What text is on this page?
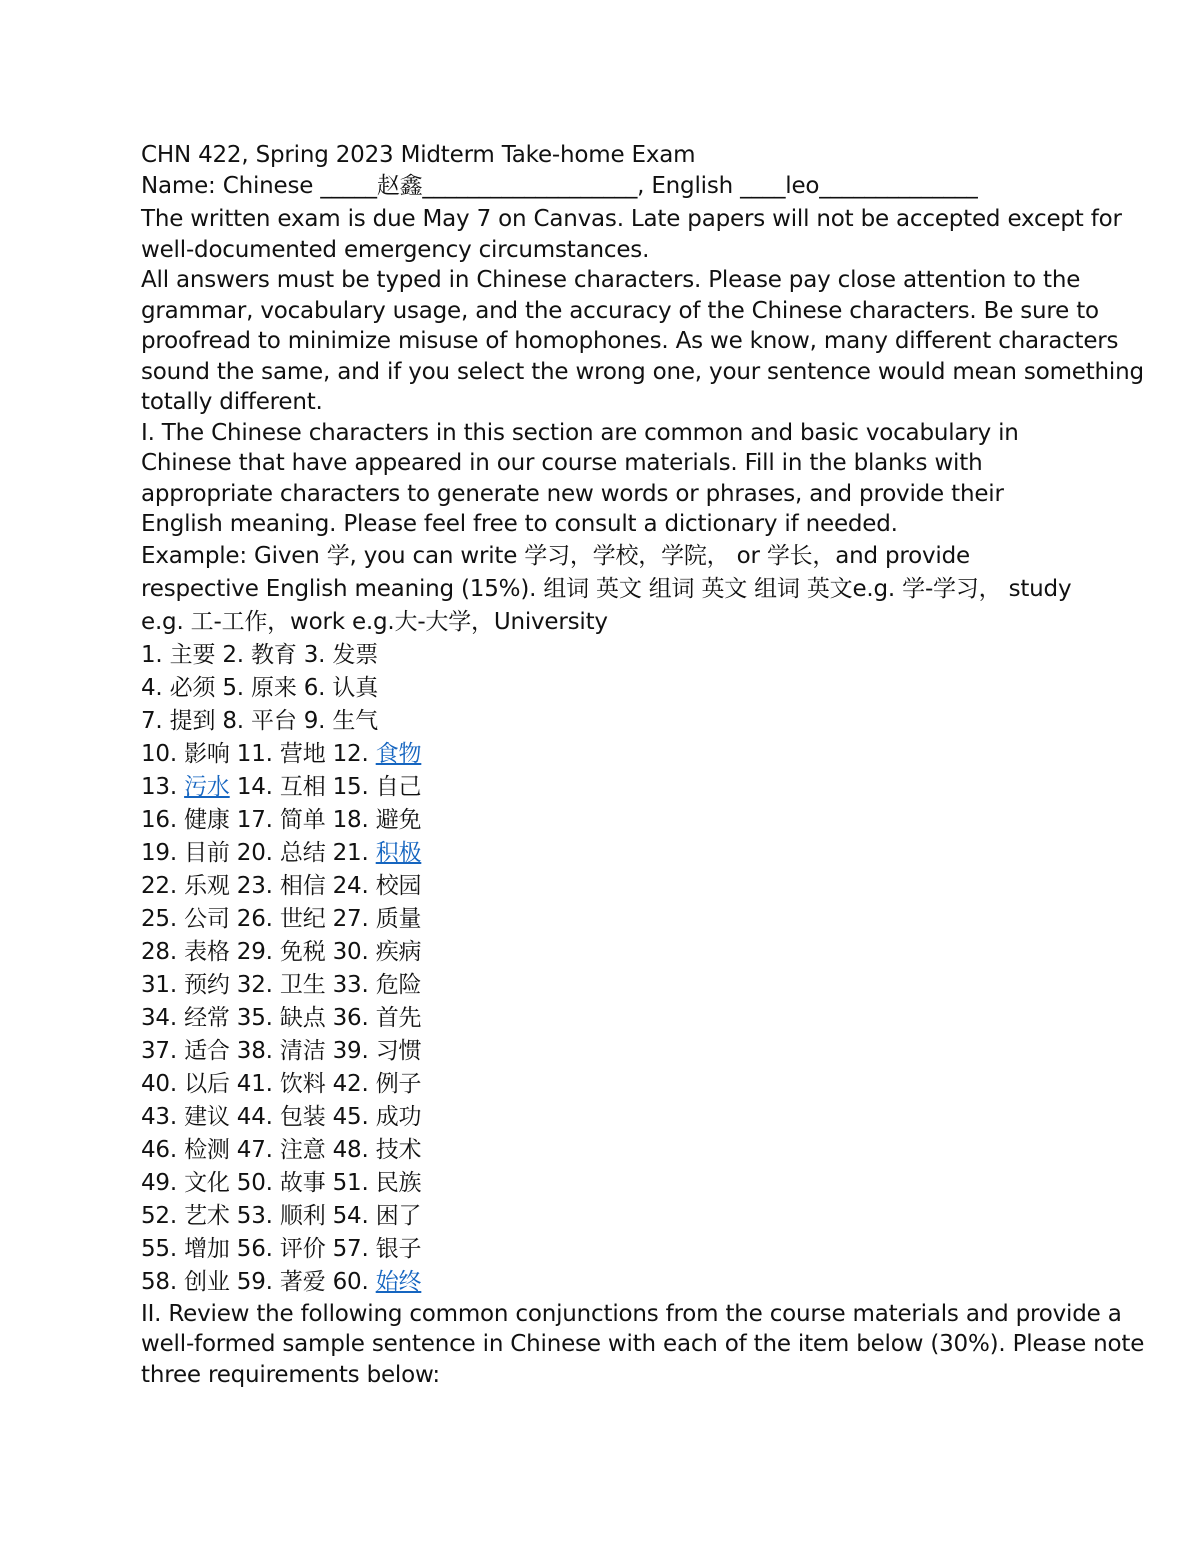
CHN 422, Spring 2023 Midterm Take-home Exam
Name: Chinese _____赵鑫___________________, English ____leo______________
The written exam is due May 7 on Canvas. Late papers will not be accepted except for
well-documented emergency circumstances.
All answers must be typed in Chinese characters. Please pay close attention to the
grammar, vocabulary usage, and the accuracy of the Chinese characters. Be sure to
proofread to minimize misuse of homophones. As we know, many different characters
sound the same, and if you select the wrong one, your sentence would mean something
totally different.
I. The Chinese characters in this section are common and basic vocabulary in
Chinese that have appeared in our course materials. Fill in the blanks with
appropriate characters to generate new words or phrases, and provide their
English meaning. Please feel free to consult a dictionary if needed.
Example: Given 学, you can write 学习，学校，学院， or 学长，and provide
respective English meaning (15%). 组词 英文 组词 英文 组词 英文e.g. 学-学习， study
e.g. 工-工作，work e.g.大-大学，University
1. 主要 2. 教育 3. 发票
4. 必须 5. 原来 6. 认真
7. 提到 8. 平台 9. 生气
10. 影响 11. 营地 12. 食物
13. 污水 14. 互相 15. 自己
16. 健康 17. 简单 18. 避免
19. 目前 20. 总结 21. 积极
22. 乐观 23. 相信 24. 校园
25. 公司 26. 世纪 27. 质量
28. 表格 29. 免税 30. 疾病
31. 预约 32. 卫生 33. 危险
34. 经常 35. 缺点 36. 首先
37. 适合 38. 清洁 39. 习惯
40. 以后 41. 饮料 42. 例子
43. 建议 44. 包装 45. 成功
46. 检测 47. 注意 48. 技术
49. 文化 50. 故事 51. 民族
52. 艺术 53. 顺利 54. 困了
55. 增加 56. 评价 57. 银子
58. 创业 59. 著爱 60. 始终
II. Review the following common conjunctions from the course materials and provide a
well-formed sample sentence in Chinese with each of the item below (30%). Please note
three requirements below:
